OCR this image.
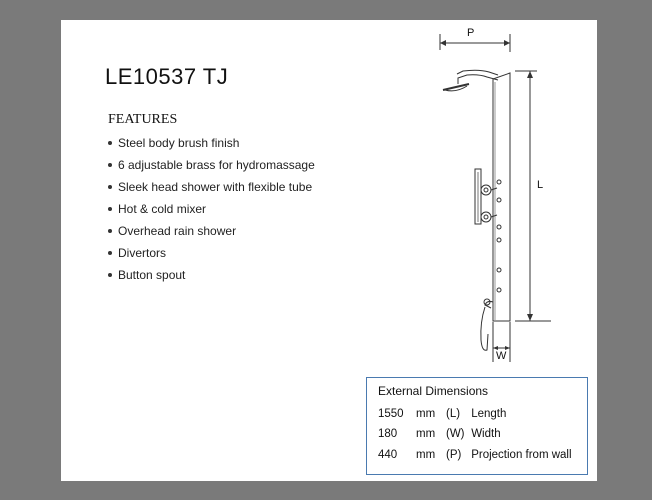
LE10537 TJ
FEATURES
Steel body brush finish
6 adjustable brass for hydromassage
Sleek head shower with flexible tube
Hot & cold mixer
Overhead rain shower
Divertors
Button spout
P
L
W
External Dimensions
1550 mm (L) Length
180 mm (W) Width
440 mm (P) Projection from wall
